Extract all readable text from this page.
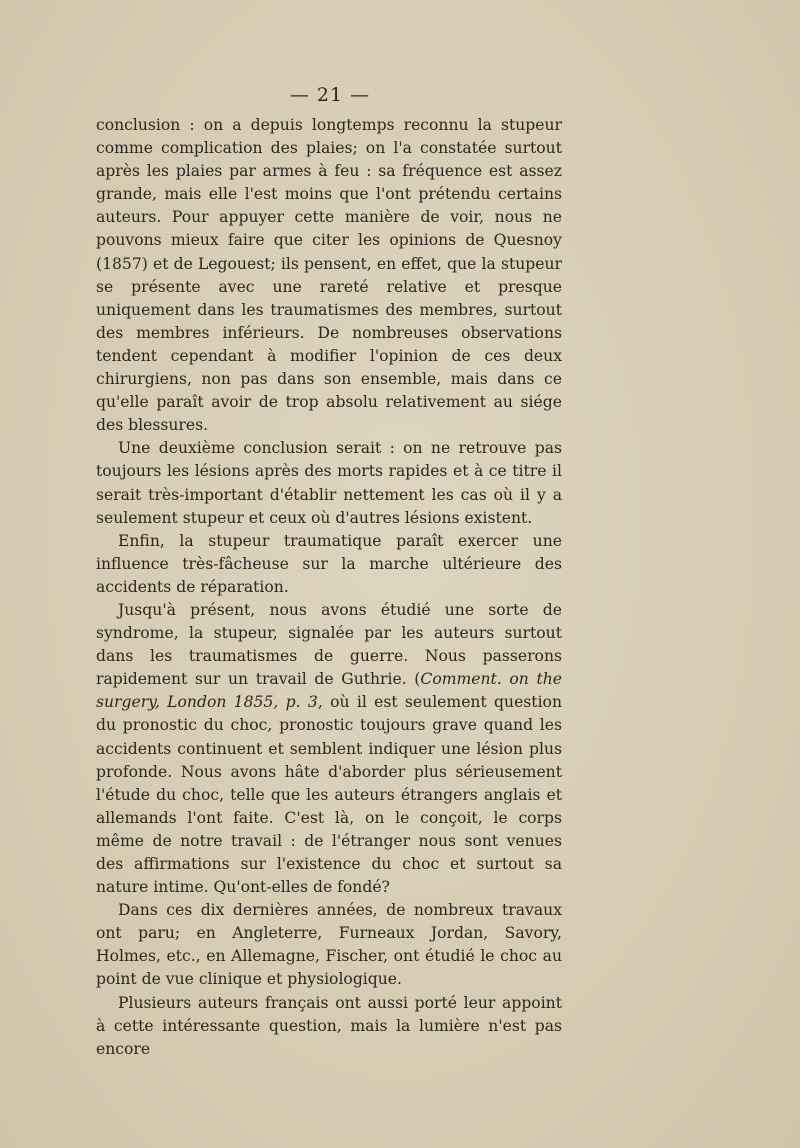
— 21 —

conclusion : on a depuis longtemps reconnu la stupeur comme complication des plaies; on l'a constatée surtout après les plaies par armes à feu : sa fréquence est assez grande, mais elle l'est moins que l'ont prétendu certains auteurs. Pour appuyer cette manière de voir, nous ne pouvons mieux faire que citer les opinions de Quesnoy (1857) et de Legouest; ils pensent, en effet, que la stupeur se présente avec une rareté relative et presque uniquement dans les traumatismes des membres, surtout des membres inférieurs. De nombreuses observations tendent cependant à modifier l'opinion de ces deux chirurgiens, non pas dans son ensemble, mais dans ce qu'elle paraît avoir de trop absolu relativement au siége des blessures.

Une deuxième conclusion serait : on ne retrouve pas toujours les lésions après des morts rapides et à ce titre il serait très-important d'établir nettement les cas où il y a seulement stupeur et ceux où d'autres lésions existent.

Enfin, la stupeur traumatique paraît exercer une influence très-fâcheuse sur la marche ultérieure des accidents de réparation.

Jusqu'à présent, nous avons étudié une sorte de syndrome, la stupeur, signalée par les auteurs surtout dans les traumatismes de guerre. Nous passerons rapidement sur un travail de Guthrie. (Comment. on the surgery, London 1855, p. 3, où il est seulement question du pronostic du choc, pronostic toujours grave quand les accidents continuent et semblent indiquer une lésion plus profonde. Nous avons hâte d'aborder plus sérieusement l'étude du choc, telle que les auteurs étrangers anglais et allemands l'ont faite. C'est là, on le conçoit, le corps même de notre travail : de l'étranger nous sont venues des affirmations sur l'existence du choc et surtout sa nature intime. Qu'ont-elles de fondé?

Dans ces dix dernières années, de nombreux travaux ont paru; en Angleterre, Furneaux Jordan, Savory, Holmes, etc., en Allemagne, Fischer, ont étudié le choc au point de vue clinique et physiologique.

Plusieurs auteurs français ont aussi porté leur appoint à cette intéressante question, mais la lumière n'est pas encore
